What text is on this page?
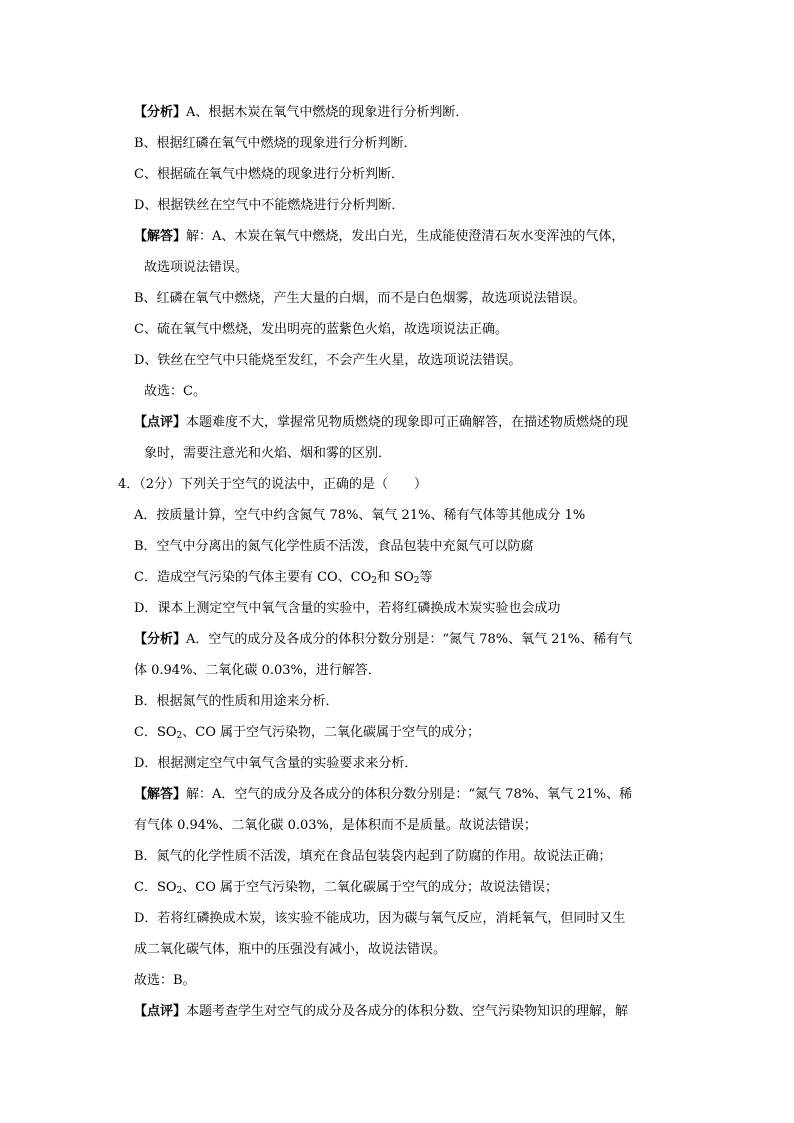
【分析】A、根据木炭在氧气中燃烧的现象进行分析判断．
B、根据红磷在氧气中燃烧的现象进行分析判断．
C、根据硫在氧气中燃烧的现象进行分析判断．
D、根据铁丝在空气中不能燃烧进行分析判断．
【解答】解：A、木炭在氧气中燃烧，发出白光，生成能使澄清石灰水变浑浊的气体，
故选项说法错误。
B、红磷在氧气中燃烧，产生大量的白烟，而不是白色烟雾，故选项说法错误。
C、硫在氧气中燃烧，发出明亮的蓝紫色火焰，故选项说法正确。
D、铁丝在空气中只能烧至发红，不会产生火星，故选项说法错误。
故选：C。
【点评】本题难度不大，掌握常见物质燃烧的现象即可正确解答，在描述物质燃烧的现
象时，需要注意光和火焰、烟和雾的区别．
4．（2分）下列关于空气的说法中，正确的是（　　）
A．按质量计算，空气中约含氮气 78%、氧气 21%、稀有气体等其他成分 1%
B．空气中分离出的氮气化学性质不活泼，食品包装中充氮气可以防腐
C．造成空气污染的气体主要有 CO、$CO_2$和 $SO_2$等
D．课本上测定空气中氧气含量的实验中，若将红磷换成木炭实验也会成功
【分析】A．空气的成分及各成分的体积分数分别是：“氮气 78%、氧气 21%、稀有气
体 0.94%、二氧化碳 0.03%，进行解答．
B．根据氮气的性质和用途来分析．
C．$SO_2$、CO 属于空气污染物，二氧化碳属于空气的成分；
D．根据测定空气中氧气含量的实验要求来分析．
【解答】解：A．空气的成分及各成分的体积分数分别是：“氮气 78%、氧气 21%、稀
有气体 0.94%、二氧化碳 0.03%，是体积而不是质量。故说法错误；
B．氮气的化学性质不活泼，填充在食品包装袋内起到了防腐的作用。故说法正确；
C．$SO_2$、CO 属于空气污染物，二氧化碳属于空气的成分；故说法错误；
D．若将红磷换成木炭，该实验不能成功，因为碳与氧气反应，消耗氧气，但同时又生
成二氧化碳气体，瓶中的压强没有减小，故说法错误。
故选：B。
【点评】本题考查学生对空气的成分及各成分的体积分数、空气污染物知识的理解，解
